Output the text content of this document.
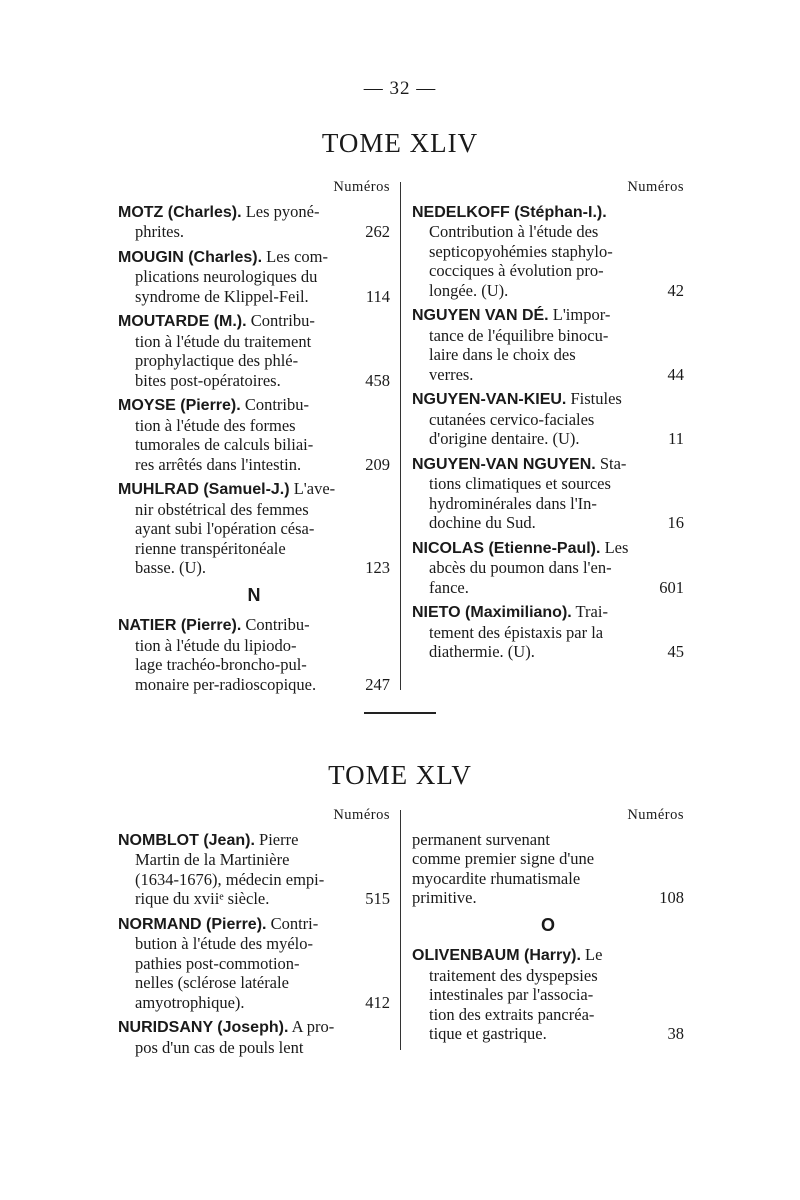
— 32 —
TOME XLIV
Numéros
MOTZ (Charles). Les pyoné-
phrites.	262
MOUGIN (Charles). Les com-
plications neurologiques du
syndrome de Klippel-Feil.	114
MOUTARDE (M.). Contribu-
tion à l'étude du traitement
prophylactique des phlé-
bites post-opératoires.	458
MOYSE (Pierre). Contribu-
tion à l'étude des formes
tumorales de calculs biliai-
res arrêtés dans l'intestin.	209
MUHLRAD (Samuel-J.) L'ave-
nir obstétrical des femmes
ayant subi l'opération césa-
rienne transpéritonéale
basse. (U).	123
N
NATIER (Pierre). Contribu-
tion à l'étude du lipiodo-
lage trachéo-broncho-pul-
monaire per-radioscopique.	247
Numéros
NEDELKOFF (Stéphan-I.).
Contribution à l'étude des
septicopyohémies staphylo-
cocciques à évolution pro-
longée. (U).	42
NGUYEN VAN DÉ. L'impor-
tance de l'équilibre binocu-
laire dans le choix des
verres.	44
NGUYEN-VAN-KIEU. Fistules
cutanées cervico-faciales
d'origine dentaire. (U).	11
NGUYEN-VAN NGUYEN. Sta-
tions climatiques et sources
hydrominérales dans l'In-
dochine du Sud.	16
NICOLAS (Etienne-Paul). Les
abcès du poumon dans l'en-
fance.	601
NIETO (Maximiliano). Trai-
tement des épistaxis par la
diathermie. (U).	45
TOME XLV
Numéros
NOMBLOT (Jean). Pierre
Martin de la Martinière
(1634-1676), médecin empi-
rique du xviiᵉ siècle.	515
NORMAND (Pierre). Contri-
bution à l'étude des myélo-
pathies post-commotion-
nelles (sclérose latérale
amyotrophique).	412
NURIDSANY (Joseph). A pro-
pos d'un cas de pouls lent
Numéros
permanent survenant
comme premier signe d'une
myocardite rhumatismale
primitive.	108
O
OLIVENBAUM (Harry). Le
traitement des dyspepsies
intestinales par l'associa-
tion des extraits pancréa-
tique et gastrique.	38
